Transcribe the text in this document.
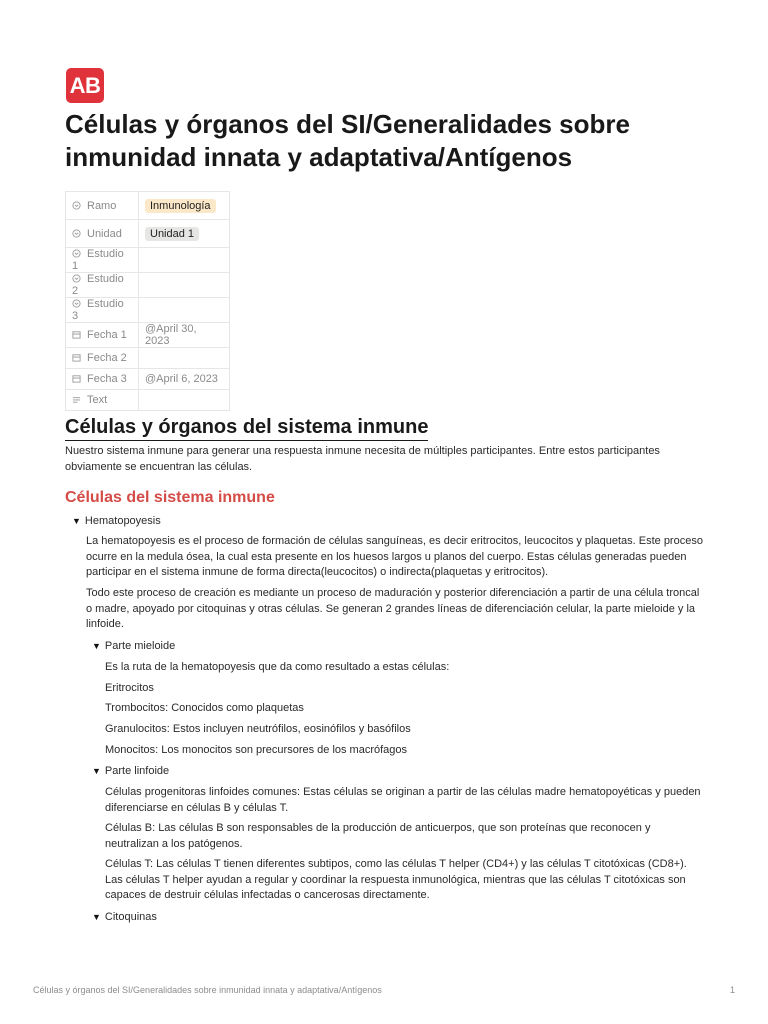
AB
Células y órganos del SI/Generalidades sobre inmunidad innata y adaptativa/Antígenos
Ramo	Inmunología
Unidad	Unidad 1
Estudio 1	
Estudio 2	
Estudio 3	
Fecha 1	@April 30, 2023
Fecha 2	
Fecha 3	@April 6, 2023
Text	
Células y órganos del sistema inmune

Nuestro sistema inmune para generar una respuesta inmune necesita de múltiples participantes. Entre estos participantes obviamente se encuentran las células.

Células del sistema inmune
▼ Hematopoyesis

La hematopoyesis es el proceso de formación de células sanguíneas, es decir eritrocitos, leucocitos y plaquetas. Este proceso ocurre en la medula ósea, la cual esta presente en los huesos largos u planos del cuerpo. Estas células generadas pueden participar en el sistema inmune de forma directa(leucocitos) o indirecta(plaquetas y eritrocitos).

Todo este proceso de creación es mediante un proceso de maduración y posterior diferenciación a partir de una célula troncal o madre, apoyado por citoquinas y otras células. Se generan 2 grandes líneas de diferenciación celular, la parte mieloide y la linfoide.

▼ Parte mieloide

Es la ruta de la hematopoyesis que da como resultado a estas células:

Eritrocitos

Trombocitos: Conocidos como plaquetas

Granulocitos: Estos incluyen neutrófilos, eosinófilos y basófilos

Monocitos: Los monocitos son precursores de los macrófagos

▼ Parte linfoide

Células progenitoras linfoides comunes: Estas células se originan a partir de las células madre hematopoyéticas y pueden diferenciarse en células B y células T.

Células B: Las células B son responsables de la producción de anticuerpos, que son proteínas que reconocen y neutralizan a los patógenos.

Células T: Las células T tienen diferentes subtipos, como las células T helper (CD4+) y las células T citotóxicas (CD8+). Las células T helper ayudan a regular y coordinar la respuesta inmunológica, mientras que las células T citotóxicas son capaces de destruir células infectadas o cancerosas directamente.

▼ Citoquinas
Células y órganos del SI/Generalidades sobre inmunidad innata y adaptativa/Antígenos	1
